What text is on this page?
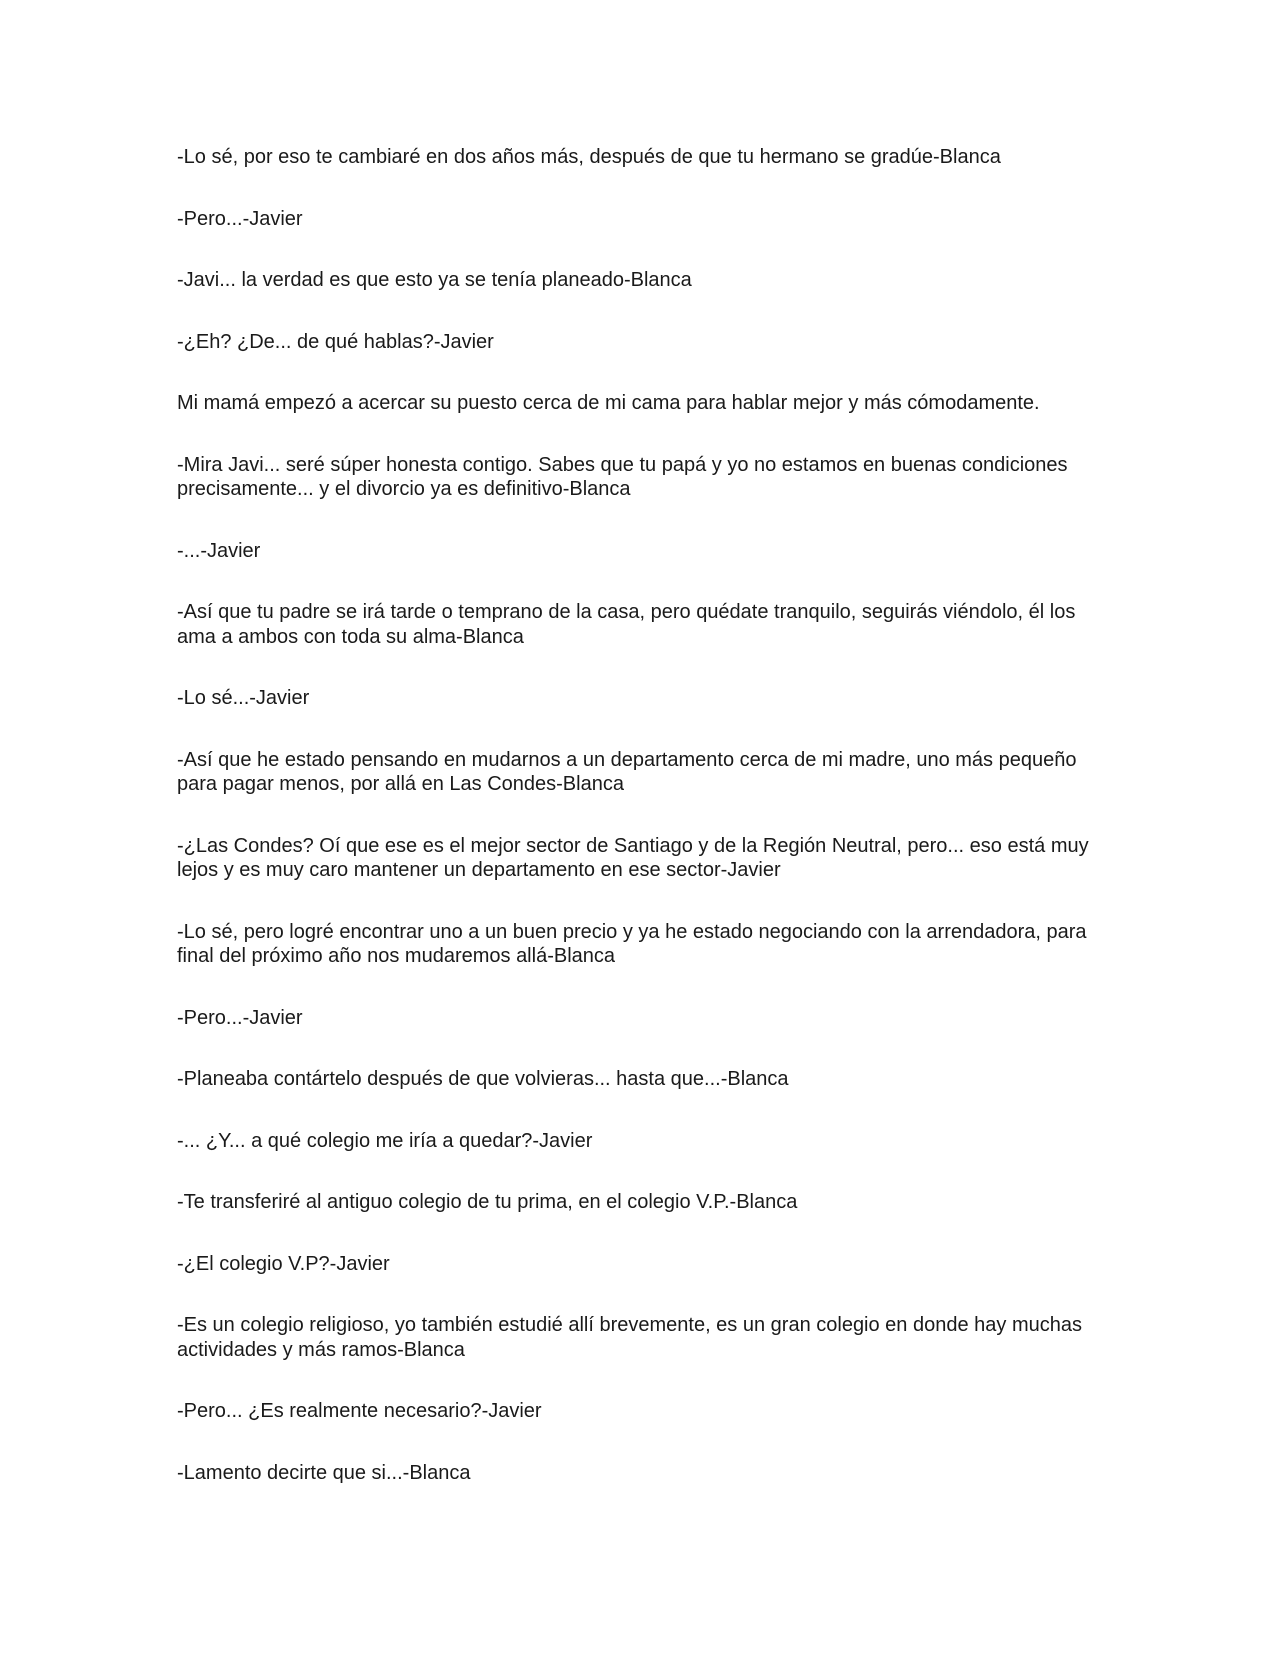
-Lo sé, por eso te cambiaré en dos años más, después de que tu hermano se gradúe-Blanca

-Pero...-Javier

-Javi... la verdad es que esto ya se tenía planeado-Blanca

-¿Eh? ¿De... de qué hablas?-Javier

Mi mamá empezó a acercar su puesto cerca de mi cama para hablar mejor y más cómodamente.

-Mira Javi... seré súper honesta contigo. Sabes que tu papá y yo no estamos en buenas condiciones precisamente... y el divorcio ya es definitivo-Blanca

-...-Javier

-Así que tu padre se irá tarde o temprano de la casa, pero quédate tranquilo, seguirás viéndolo, él los ama a ambos con toda su alma-Blanca

-Lo sé...-Javier

-Así que he estado pensando en mudarnos a un departamento cerca de mi madre, uno más pequeño para pagar menos, por allá en Las Condes-Blanca

-¿Las Condes? Oí que ese es el mejor sector de Santiago y de la Región Neutral, pero... eso está muy lejos y es muy caro mantener un departamento en ese sector-Javier

-Lo sé, pero logré encontrar uno a un buen precio y ya he estado negociando con la arrendadora, para final del próximo año nos mudaremos allá-Blanca

-Pero...-Javier

-Planeaba contártelo después de que volvieras... hasta que...-Blanca

-... ¿Y... a qué colegio me iría a quedar?-Javier

-Te transferiré al antiguo colegio de tu prima, en el colegio V.P.-Blanca

-¿El colegio V.P?-Javier

-Es un colegio religioso, yo también estudié allí brevemente, es un gran colegio en donde hay muchas actividades y más ramos-Blanca

-Pero... ¿Es realmente necesario?-Javier

-Lamento decirte que si...-Blanca
